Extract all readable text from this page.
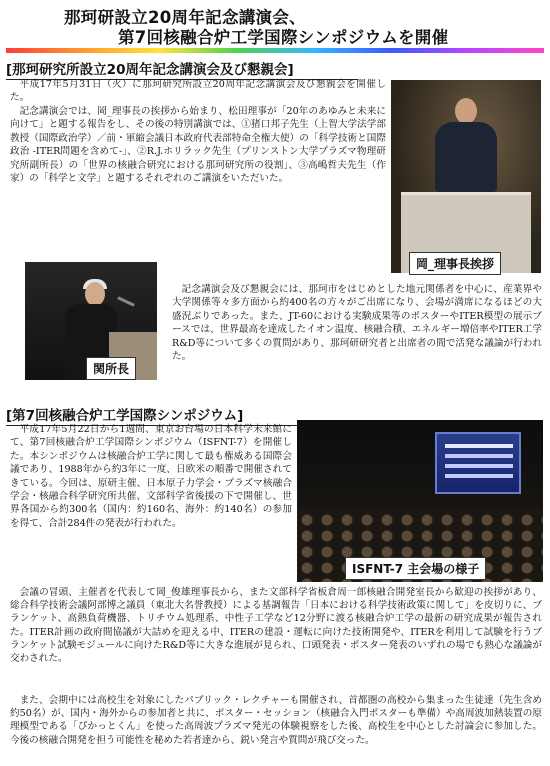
那珂研設立20周年記念講演会、
第7回核融合炉工学国際シンポジウムを開催
[那珂研究所設立20周年記念講演会及び懇親会]
平成17年5月31日（火）に那珂研究所設立20周年記念講演会及び懇親会を開催した。
記念講演会では、岡_理事長の挨拶から始まり、松田理事が「20年のあゆみと未来に向けて」と題する報告をし、その後の特別講演では、①猪口邦子先生（上智大学法学部教授（国際政治学）／前・軍縮会議日本政府代表部特命全権大使）の「科学技術と国際政治 -ITER問題を含めて-」、②R.J.ホリラック先生（プリンストン大学プラズマ物理研究所副所長）の「世界の核融合研究における那珂研究所の役割」、③高嶋哲夫先生（作家）の「科学と文学」と題するそれぞれのご講演をいただいた。
岡_理事長挨拶
関所長
記念講演会及び懇親会には、那珂市をはじめとした地元関係者を中心に、産業界や大学関係等々多方面から約400名の方々がご出席になり、会場が満席になるほどの大盛況ぶりであった。また、JT-60における実験成果等のポスターやITER模型の展示ブースでは、世界最高を達成したイオン温度、核融合積、エネルギー増倍率やITER工学R&D等について多くの質問があり、那珂研研究者と出席者の間で活発な議論が行われた。
[第7回核融合炉工学国際シンポジウム]
平成17年5月22日から1週間、東京お台場の日本科学未来館にて、第7回核融合炉工学国際シンポジウム（ISFNT-7）を開催した。本シンポジウムは核融合炉工学に関して最も権威ある国際会議であり、1988年から約3年に一度、日欧米の順番で開催されてきている。今回は、原研主催、日本原子力学会・プラズマ核融合学会・核融合科学研究所共催、文部科学省後援の下で開催し、世界各国から約300名（国内：約160名、海外：約140名）の参加を得て、合計284件の発表が行われた。
ISFNT-7 主会場の様子
会議の冒頭、主催者を代表して岡_俊雄理事長から、また文部科学省板倉周一郎核融合開発室長から歓迎の挨拶があり、総合科学技術会議阿部博之議員（東北大名誉教授）による基調報告「日本における科学技術政策に関して」を皮切りに、ブランケット、高熱負荷機器、トリチウム処理系、中性子工学など12分野に渡る核融合炉工学の最新の研究成果が報告された。ITER計画の政府間協議が大詰めを迎える中、ITERの建設・運転に向けた技術開発や、ITERを利用して試験を行うブランケット試験モジュールに向けたR&D等に大きな進展が見られ、口頭発表・ポスター発表のいずれの場でも熱心な議論が交わされた。
また、会期中には高校生を対象にしたパブリック・レクチャーも開催され、首都圏の高校から集まった生徒達（先生含め約50名）が、国内・海外からの参加者と共に、ポスター・セッション（核融合入門ポスターも準備）や高周波加熱装置の原理模型である「ぴかっとくん」を使った高周波プラズマ発光の体験視察をした後、高校生を中心とした討論会に参加した。今後の核融合開発を担う可能性を秘めた若者達から、鋭い発言や質問が飛び交った。
